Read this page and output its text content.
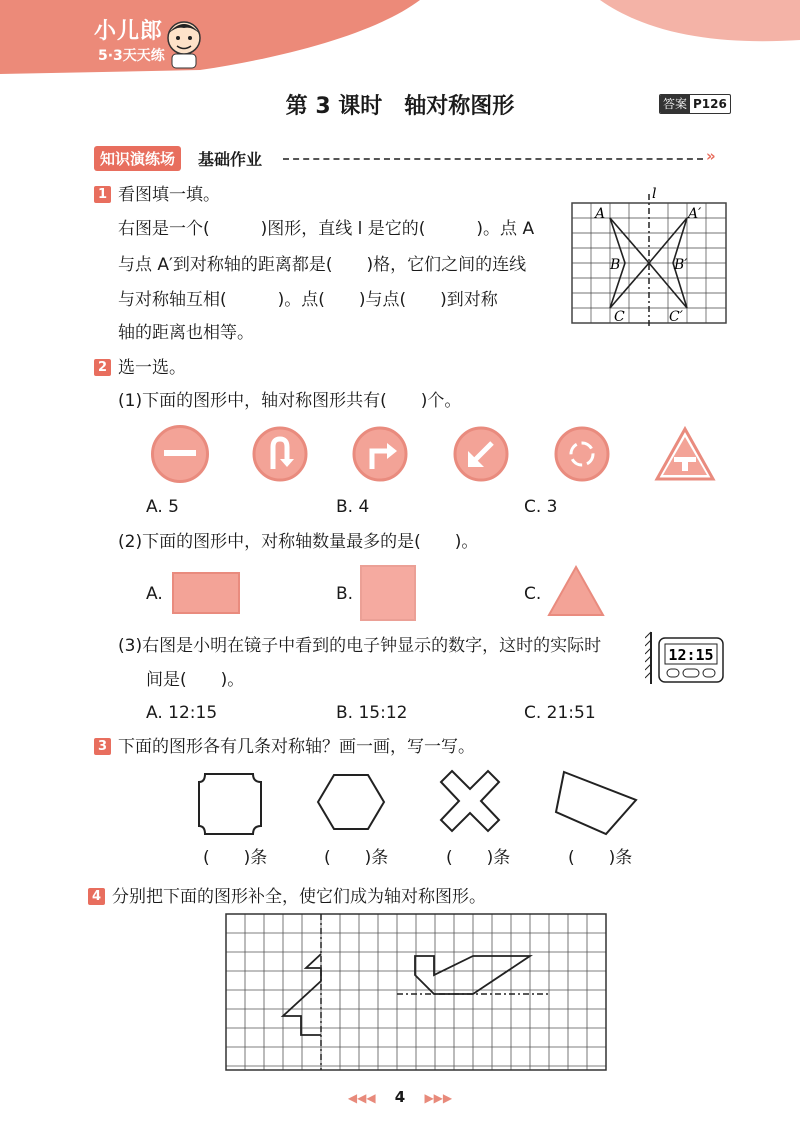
小儿郎
5·3天天练
第 3 课时　轴对称图形	答案 P126
知识演练场	基础作业	»
1 看图填一填。
右图是一个(　　　)图形，直线 l 是它的(　　　)。点 A
与点 A′到对称轴的距离都是(　　)格，它们之间的连线
与对称轴互相(　　　)。点(　　)与点(　　)到对称
轴的距离也相等。
l
A	A′
B	B′
C	C′
2 选一选。
(1)下面的图形中，轴对称图形共有(　　)个。
A. 5	B. 4	C. 3
(2)下面的图形中，对称轴数量最多的是(　　)。
A.	B.	C.
(3)右图是小明在镜子中看到的电子钟显示的数字，这时的实际时
间是(　　)。
12:15
A. 12:15	B. 15:12	C. 21:51
3 下面的图形各有几条对称轴？画一画，写一写。
(　　)条	(　　)条	(　　)条	(　　)条
4 分别把下面的图形补全，使它们成为轴对称图形。
◀◀◀ 4 ▶▶▶
